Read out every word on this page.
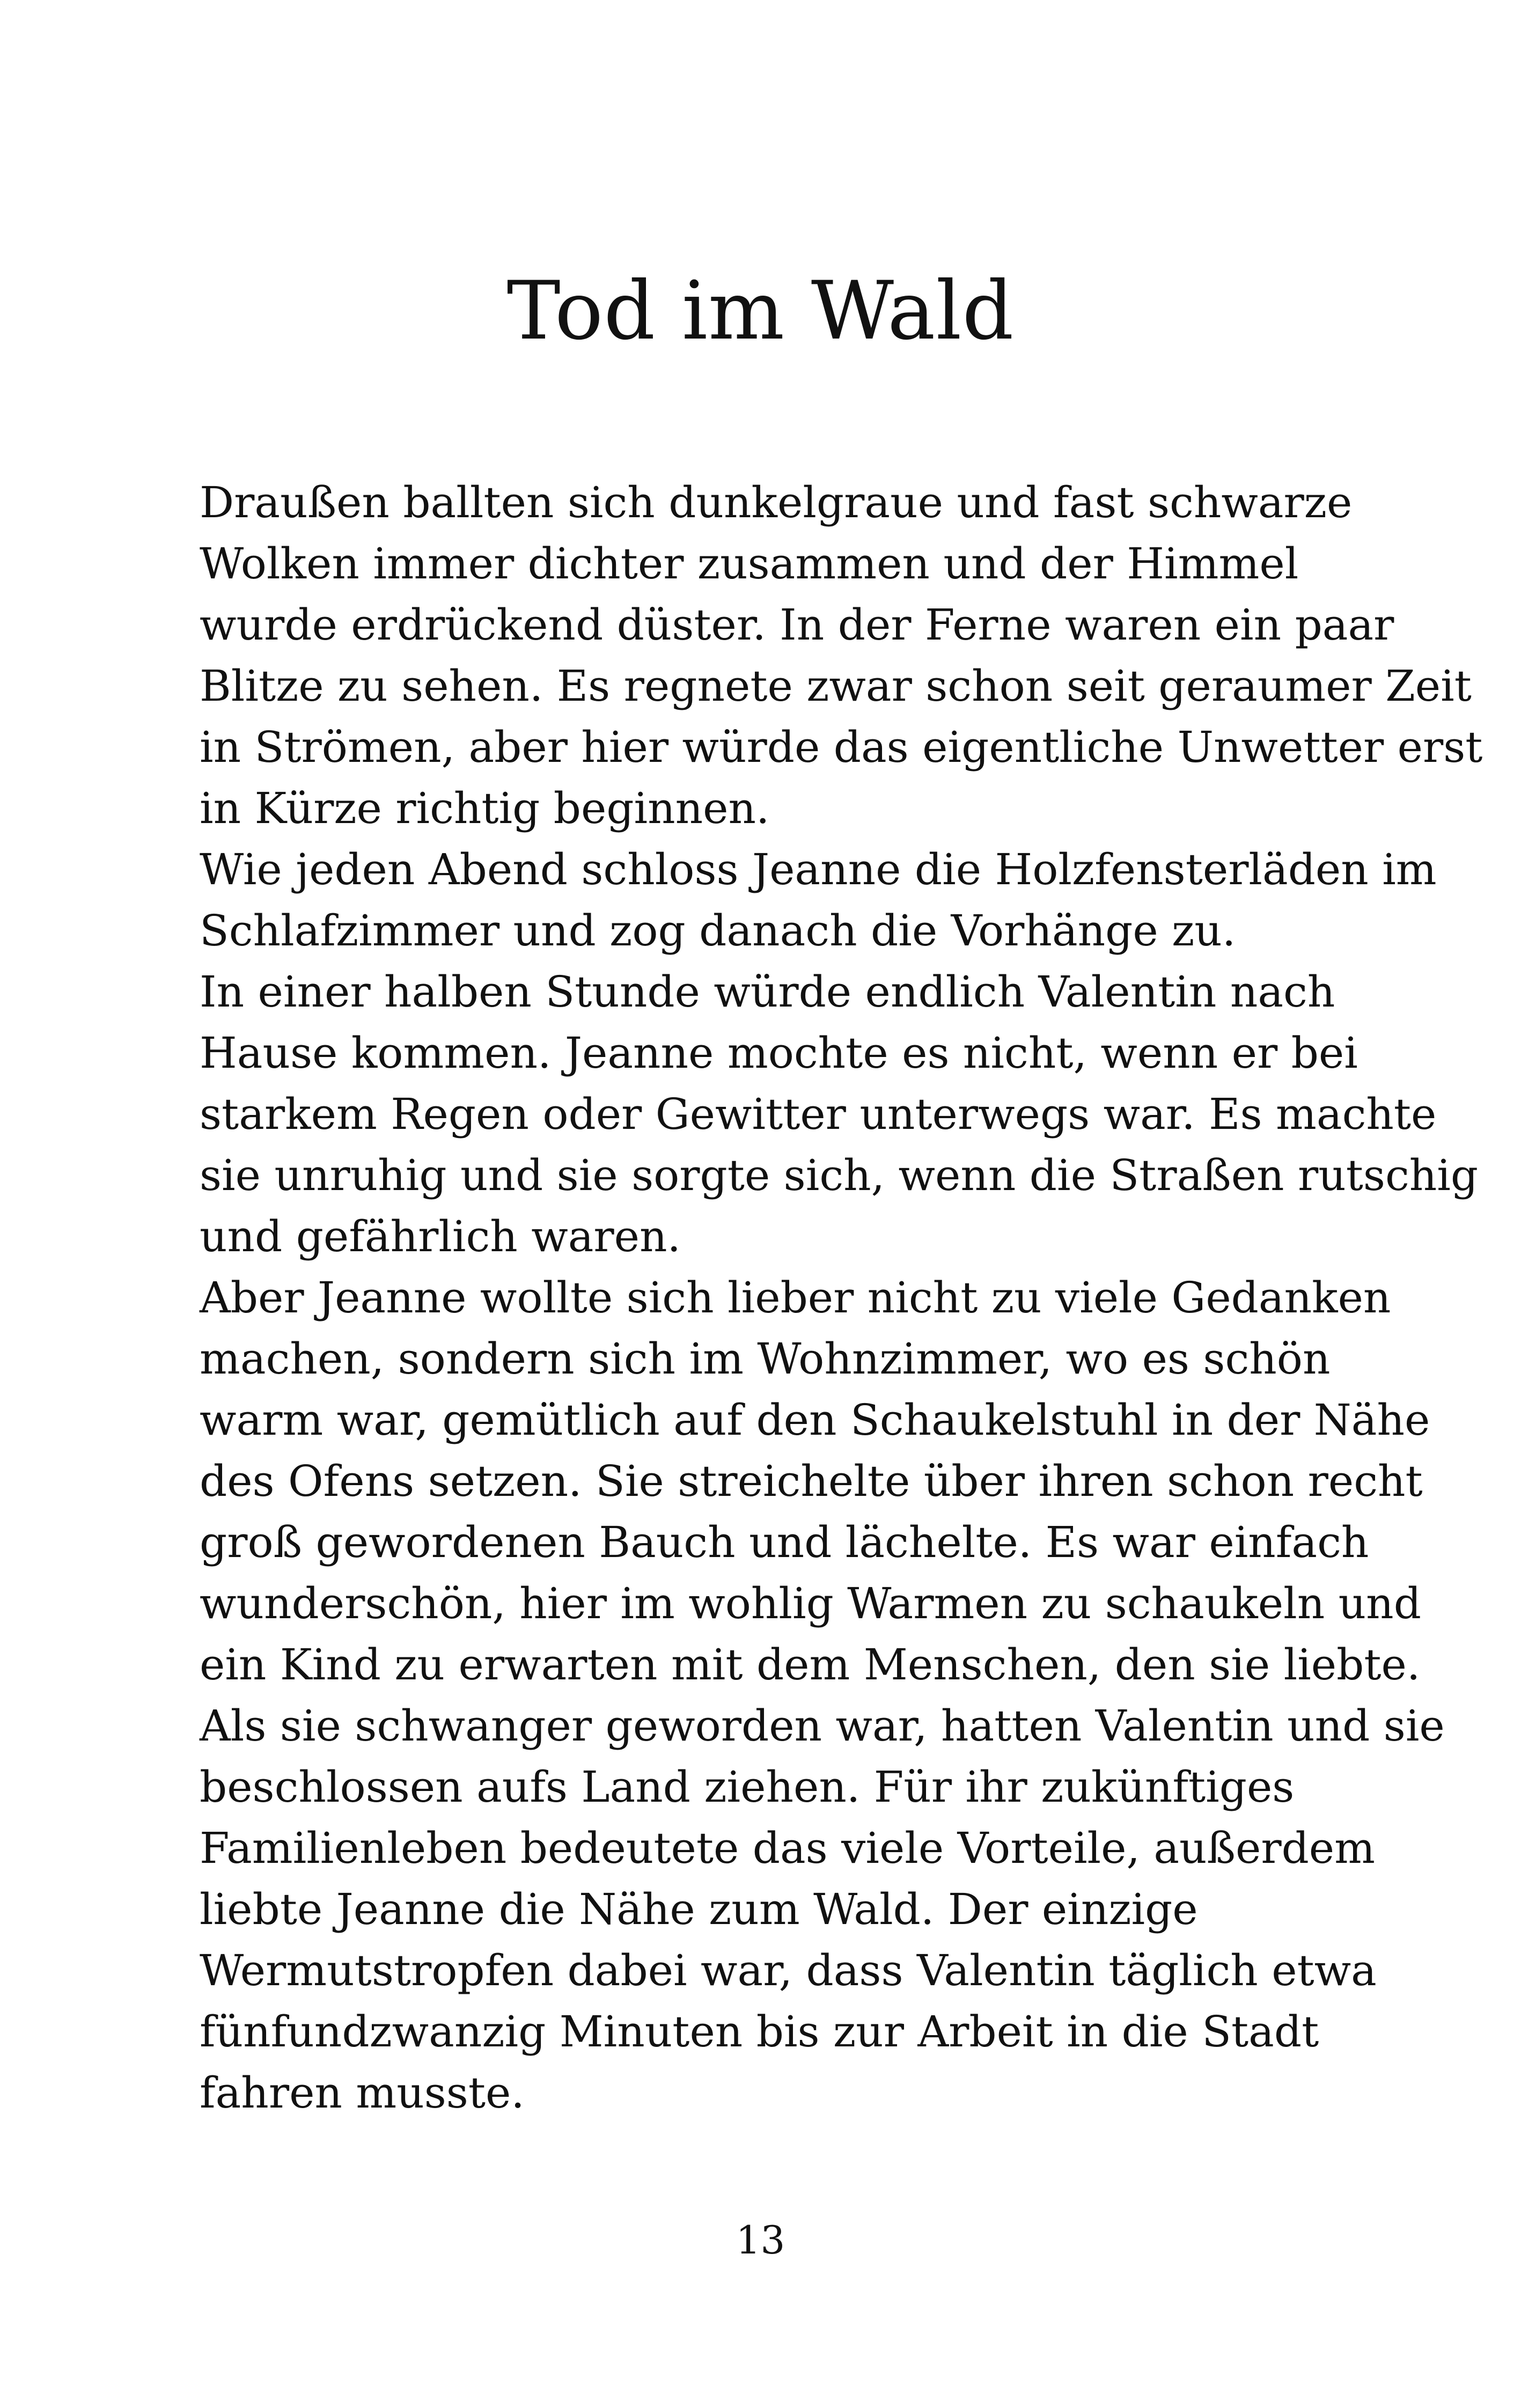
Tod im Wald
Draußen ballten sich dunkelgraue und fast schwarze
Wolken immer dichter zusammen und der Himmel
wurde erdrückend düster. In der Ferne waren ein paar
Blitze zu sehen. Es regnete zwar schon seit geraumer Zeit
in Strömen, aber hier würde das eigentliche Unwetter erst
in Kürze richtig beginnen.
Wie jeden Abend schloss Jeanne die Holzfensterläden im
Schlafzimmer und zog danach die Vorhänge zu.
In einer halben Stunde würde endlich Valentin nach
Hause kommen. Jeanne mochte es nicht, wenn er bei
starkem Regen oder Gewitter unterwegs war. Es machte
sie unruhig und sie sorgte sich, wenn die Straßen rutschig
und gefährlich waren.
Aber Jeanne wollte sich lieber nicht zu viele Gedanken
machen, sondern sich im Wohnzimmer, wo es schön
warm war, gemütlich auf den Schaukelstuhl in der Nähe
des Ofens setzen. Sie streichelte über ihren schon recht
groß gewordenen Bauch und lächelte. Es war einfach
wunderschön, hier im wohlig Warmen zu schaukeln und
ein Kind zu erwarten mit dem Menschen, den sie liebte.
Als sie schwanger geworden war, hatten Valentin und sie
beschlossen aufs Land ziehen. Für ihr zukünftiges
Familienleben bedeutete das viele Vorteile, außerdem
liebte Jeanne die Nähe zum Wald. Der einzige
Wermutstropfen dabei war, dass Valentin täglich etwa
fünfundzwanzig Minuten bis zur Arbeit in die Stadt
fahren musste.
13
